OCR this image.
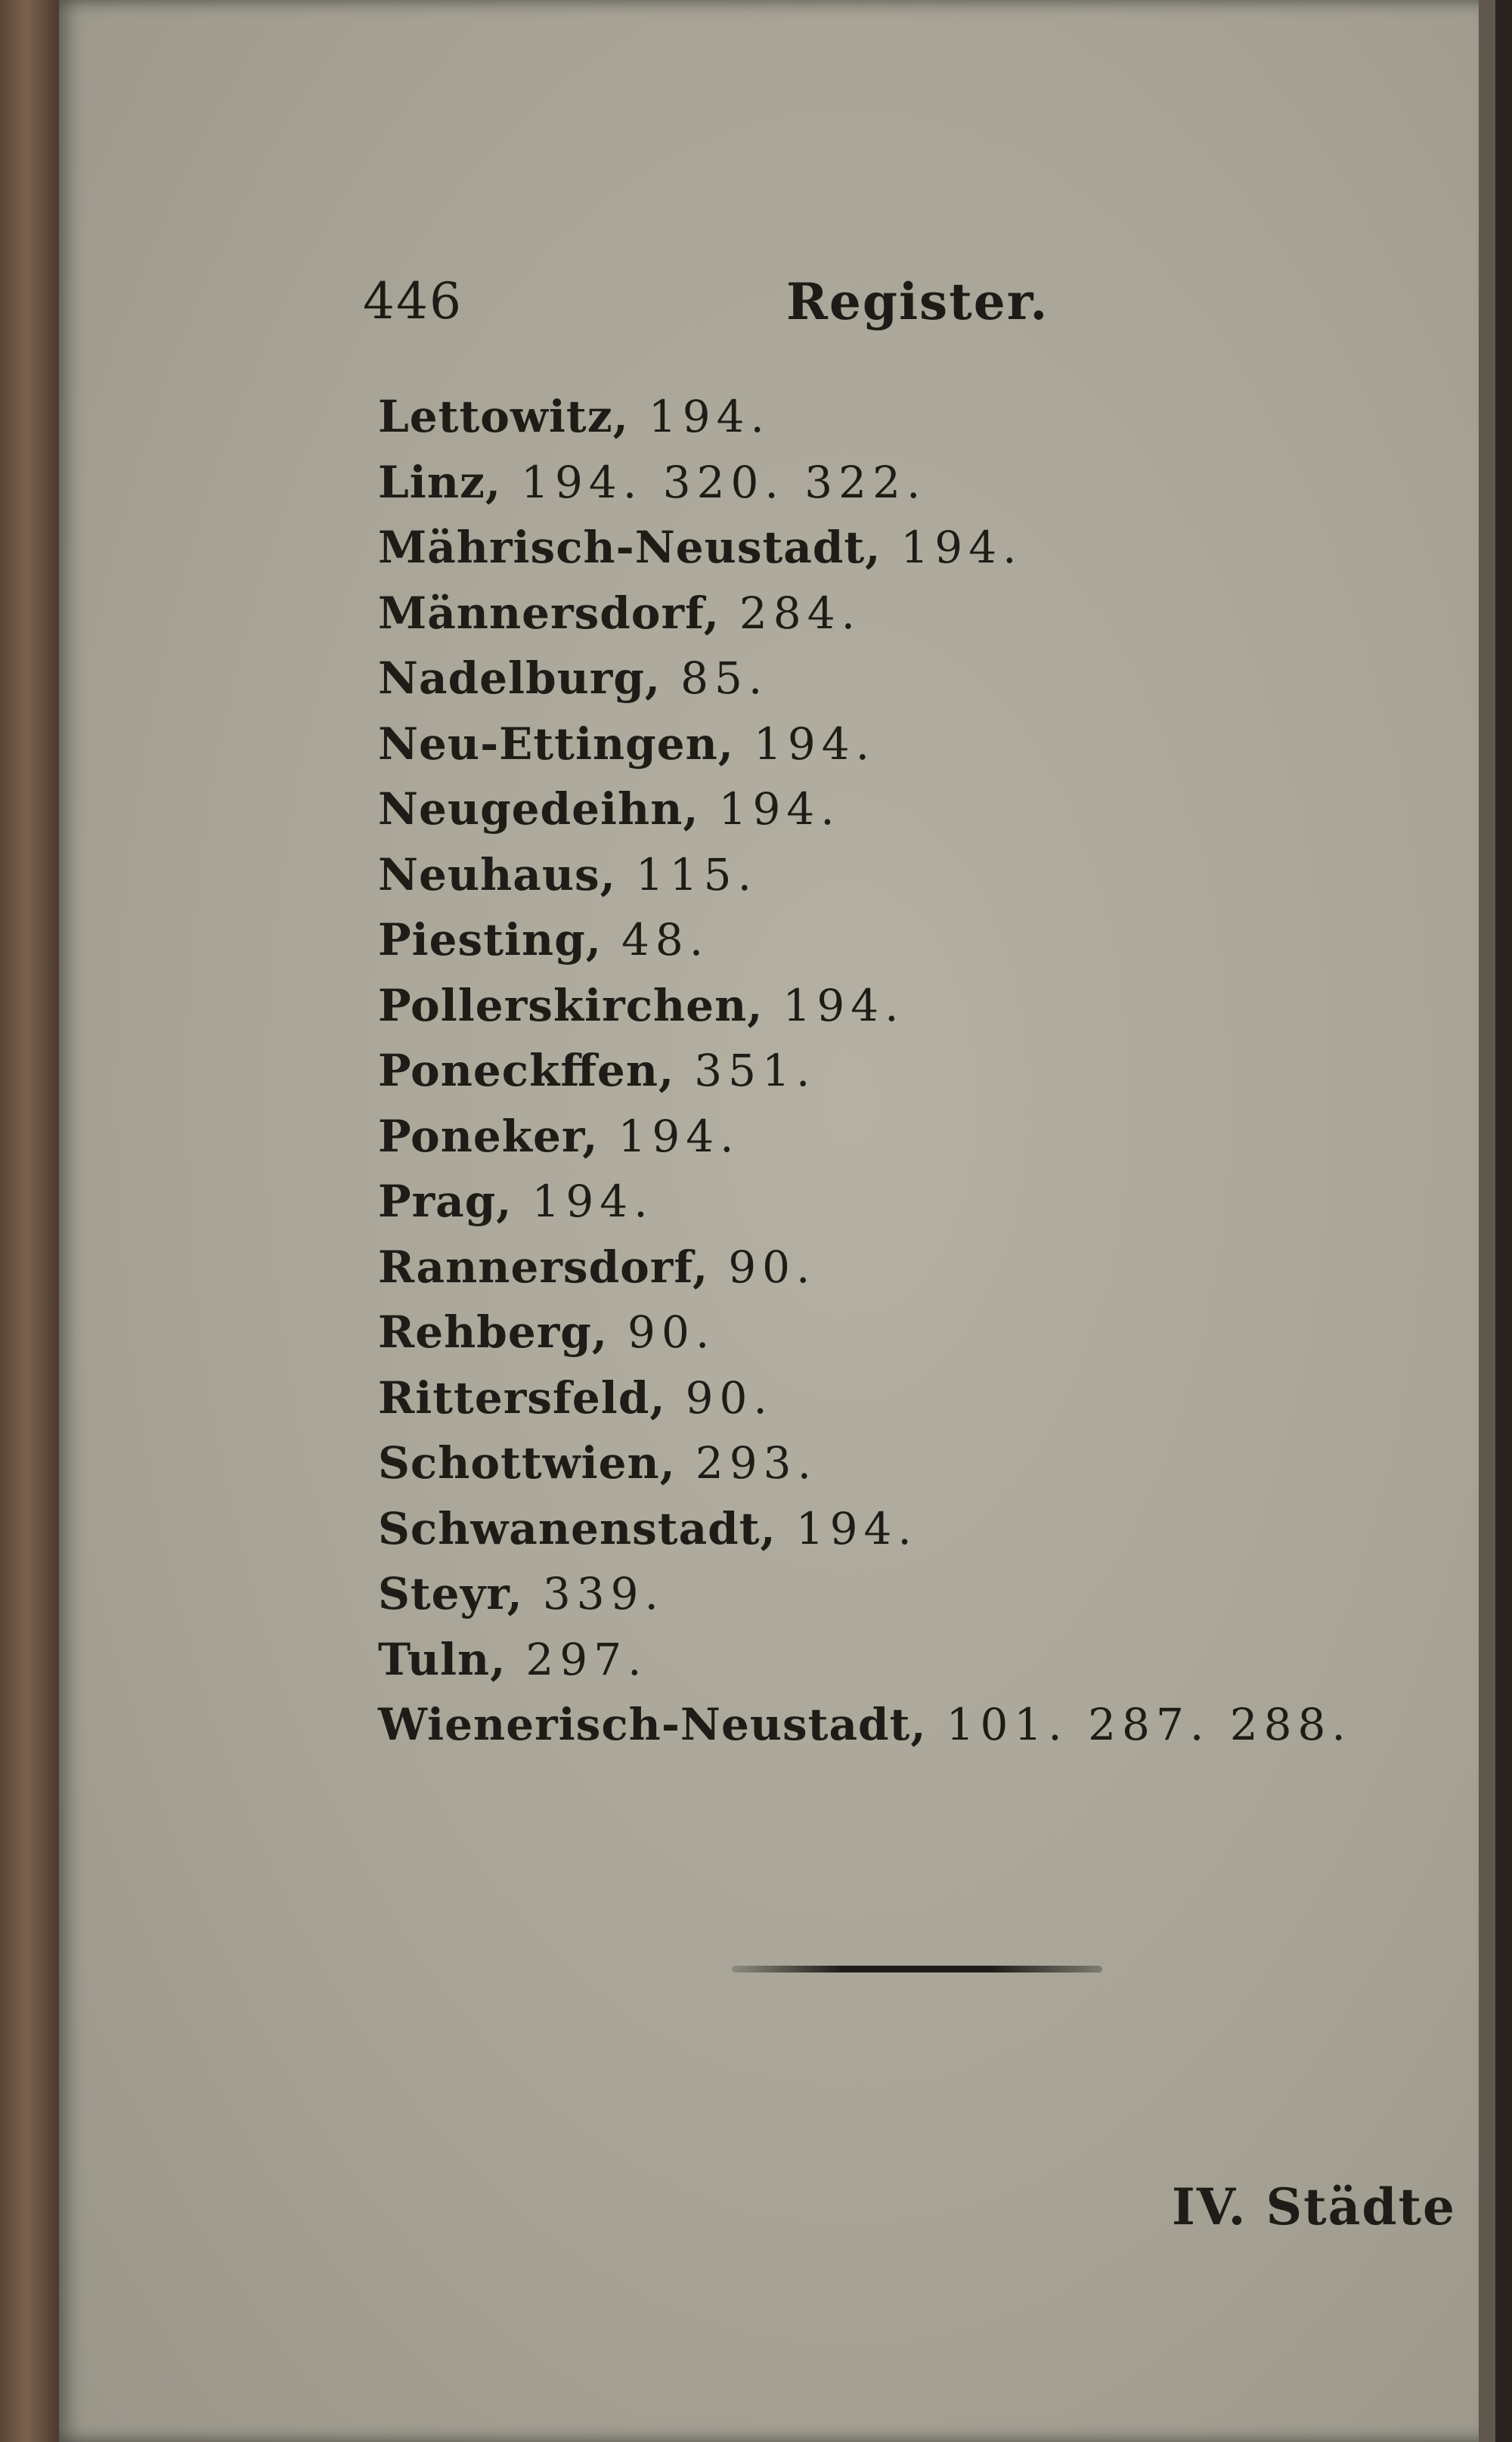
446	Register.
Lettowitz, 194.
Linz, 194. 320. 322.
Mährisch-Neustadt, 194.
Männersdorf, 284.
Nadelburg, 85.
Neu-Ettingen, 194.
Neugedeihn, 194.
Neuhaus, 115.
Piesting, 48.
Pollerskirchen, 194.
Poneckﬀen, 351.
Poneker, 194.
Prag, 194.
Rannersdorf, 90.
Rehberg, 90.
Rittersfeld, 90.
Schottwien, 293.
Schwanenstadt, 194.
Steyr, 339.
Tuln, 297.
Wienerisch-Neustadt, 101. 287. 288.
IV. Städte
